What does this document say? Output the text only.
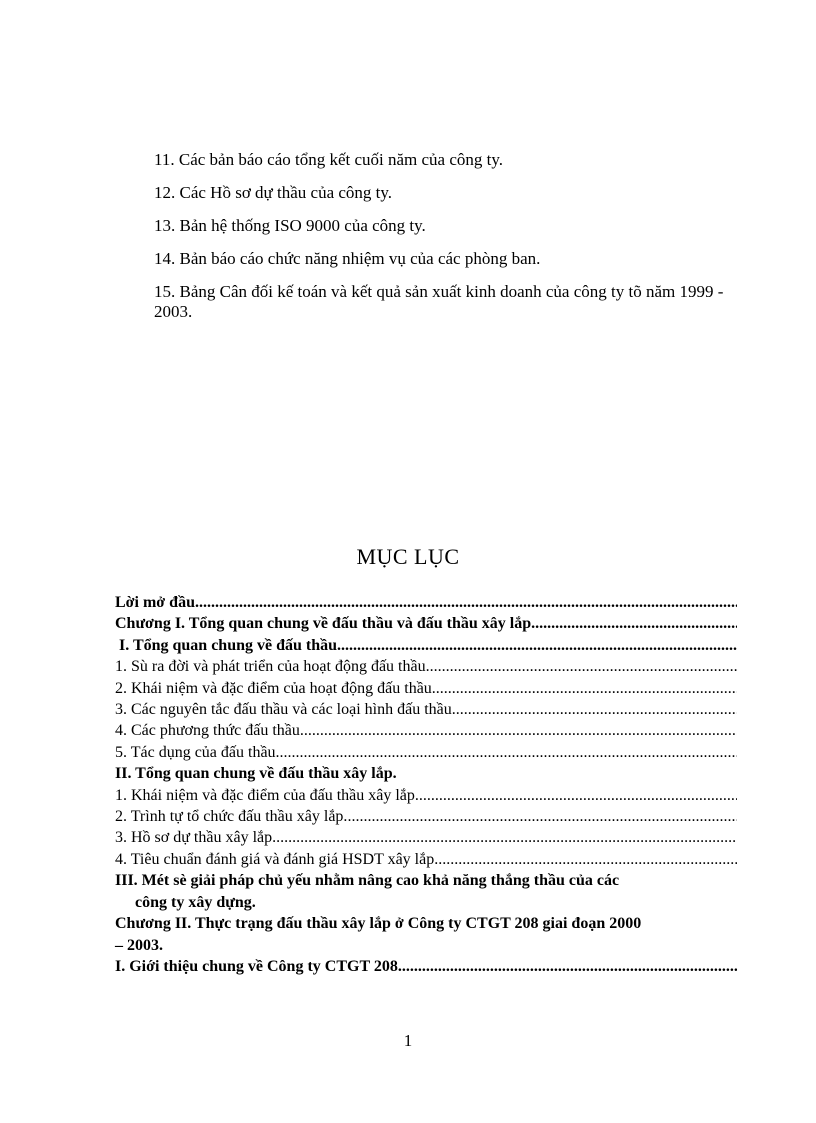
11. Các bản báo cáo tổng kết cuối năm của công ty.
12. Các Hồ sơ dự thầu của công ty.
13. Bản hệ thống ISO 9000 của công ty.
14. Bản báo cáo chức năng nhiệm vụ của các phòng ban.
15. Bảng Cân đối kế toán và kết quả sản xuất kinh doanh của công ty tõ năm 1999 - 2003.
MỤC LỤC
Lời mở đầu
.....
Chương I. Tổng quan chung về đấu thầu và đấu thầu xây lắp.
.....
I. Tổng quan chung về đấu thầu.
.....
1. Sù ra đời và phát triển của hoạt động đấu thầu.
.....
2. Khái niệm và đặc điểm của hoạt động đấu thầu.
.....
3. Các nguyên tắc đấu thầu và các loại hình đấu thầu.
.....
4. Các phương thức đấu thầu.
.....
5. Tác dụng của đấu thầu.
.....
II. Tổng quan chung về đấu thầu xây lắp.
1. Khái niệm và đặc điểm của đấu thầu xây lắp.
.....
2. Trình tự tổ chức đấu thầu xây lắp.
.....
3. Hồ sơ dự thầu xây lắp.
.....
4. Tiêu chuẩn đánh giá và đánh giá HSDT xây lắp.
.....
III. Mét sè giải pháp chủ yếu nhằm nâng cao khả năng thắng thầu của các
công ty xây dựng.
Chương II. Thực trạng đấu thầu xây lắp ở Công ty CTGT 208 giai đoạn 2000
– 2003.
I. Giới thiệu chung về Công ty CTGT 208.
.....
1
